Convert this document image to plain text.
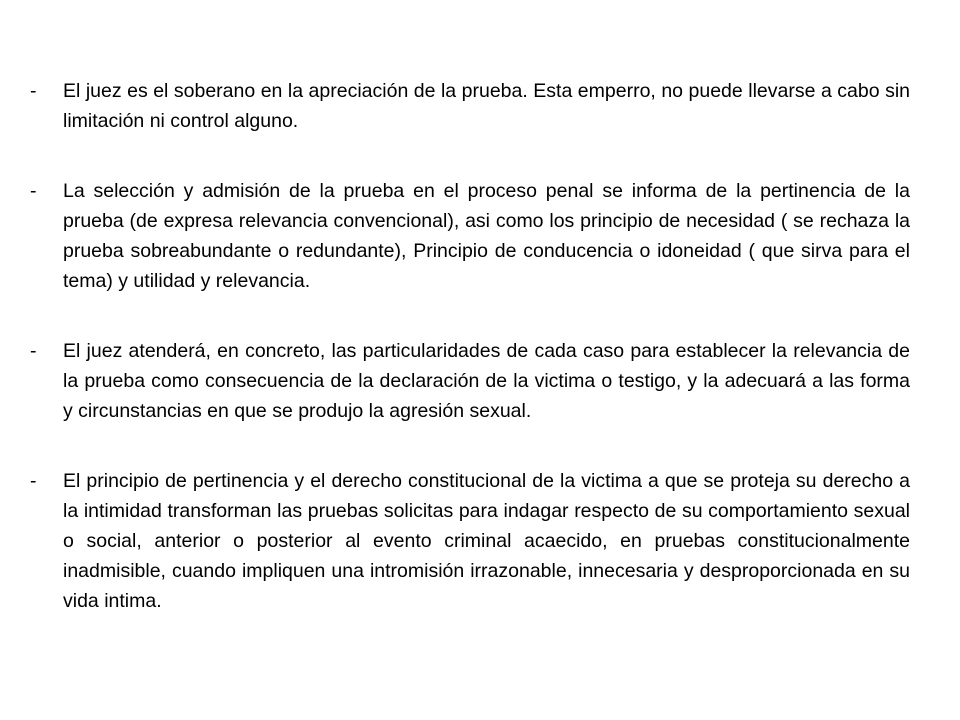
- El juez es el soberano en la apreciación de la prueba. Esta emperro, no puede llevarse a cabo sin limitación ni control alguno.
- La selección y admisión de la prueba en el proceso penal se informa de la pertinencia de la prueba (de expresa relevancia convencional), asi como los principio de necesidad ( se rechaza la prueba sobreabundante o redundante), Principio de conducencia o idoneidad ( que sirva para el tema) y utilidad y relevancia.
- El juez atenderá, en concreto, las particularidades de cada caso para establecer la relevancia de la prueba como consecuencia de la declaración de la victima o testigo, y la adecuará a las forma y circunstancias en que se produjo la agresión sexual.
- El principio de pertinencia y el derecho constitucional de la victima a que se proteja su derecho a la intimidad transforman las pruebas solicitas para indagar respecto de su comportamiento sexual o social, anterior o posterior al evento criminal acaecido, en pruebas constitucionalmente inadmisible, cuando impliquen una intromisión irrazonable, innecesaria y desproporcionada en su vida intima.
